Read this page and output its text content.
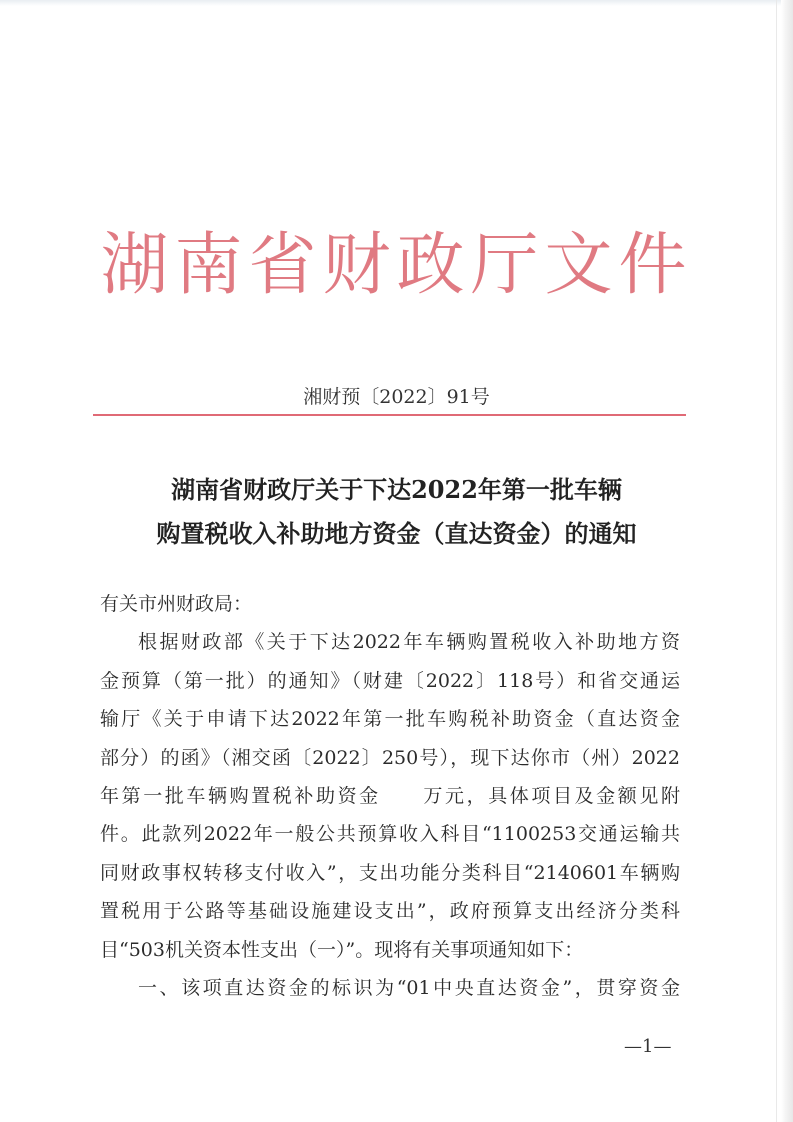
湖南省财政厅文件
湘财预〔2022〕91号
湖南省财政厅关于下达2022年第一批车辆
购置税收入补助地方资金（直达资金）的通知
有关市州财政局：
根据财政部《关于下达2022年车辆购置税收入补助地方资
金预算（第一批）的通知》（财建〔2022〕118号）和省交通运
输厅《关于申请下达2022年第一批车购税补助资金（直达资金
部分）的函》（湘交函〔2022〕250号），现下达你市（州）2022
年第一批车辆购置税补助资金 万元，具体项目及金额见附
件。此款列2022年一般公共预算收入科目“1100253交通运输共
同财政事权转移支付收入”，支出功能分类科目“2140601车辆购
置税用于公路等基础设施建设支出”，政府预算支出经济分类科
目“503机关资本性支出（一）”。现将有关事项通知如下：
一、该项直达资金的标识为“01中央直达资金”，贯穿资金
—1—
